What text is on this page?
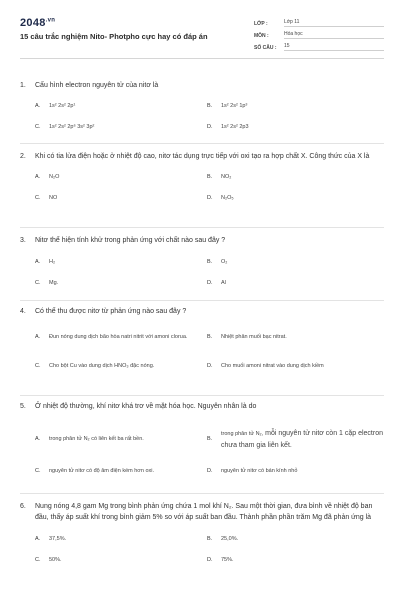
$2048^{.vn}$
15 câu trắc nghiệm Nito- Photpho cực hay có đáp án
LỚP :	Lớp 11
MÔN :	Hóa học
SỐ CÂU :	15
1.	Cấu hình electron nguyên tử của nitơ là
A.	1s² 2s² 2p¹	B.	1s² 2s² 1p³
C.	1s² 2s² 2p⁶ 3s² 3p²	D.	1s² 2s² 2p3
2.	Khi có tia lửa điện hoặc ở nhiệt độ cao, nitơ tác dụng trực tiếp với oxi tạo ra hợp chất X. Công thức của X là
A.	N₂O	B.	NO₂
C.	NO	D.	N₂O₅
3.	Nitơ thể hiện tính khử trong phản ứng với chất nào sau đây ?
A.	H₂	B.	O₂
C.	Mg.	D.	Al
4.	Có thể thu được nitơ từ phản ứng nào sau đây ?
A.	Đun nóng dung dịch bão hòa natri nitrit với amoni clorua.	B.	Nhiệt phân muối bạc nitrat.
C.	Cho bột Cu vào dung dịch HNO₃ đặc nóng.	D.	Cho muối amoni nitrat vào dung dịch kiềm
5.	Ở nhiệt độ thường, khí nitơ khá trơ về mặt hóa học. Nguyên nhân là do
A.	trong phân tử N₂ có liên kết ba rất bền.	B.
trong phân tử N₂, mỗi nguyên tử nitơ còn 1 cặp electron chưa tham gia liên kết.
C.	nguyên tử nitơ có độ âm điện kém hơn oxi.	D.	nguyên tử nitơ có bán kính nhỏ
6.	Nung nóng 4,8 gam Mg trong bình phản ứng chứa 1 mol khí N₂. Sau một thời gian, đưa bình về nhiệt độ ban đầu, thấy áp suất khí trong bình giảm 5% so với áp suất ban đầu. Thành phần phần trăm Mg đã phản ứng là
A.	37,5%.	B.	25,0%.
C.	50%.	D.	75%.
